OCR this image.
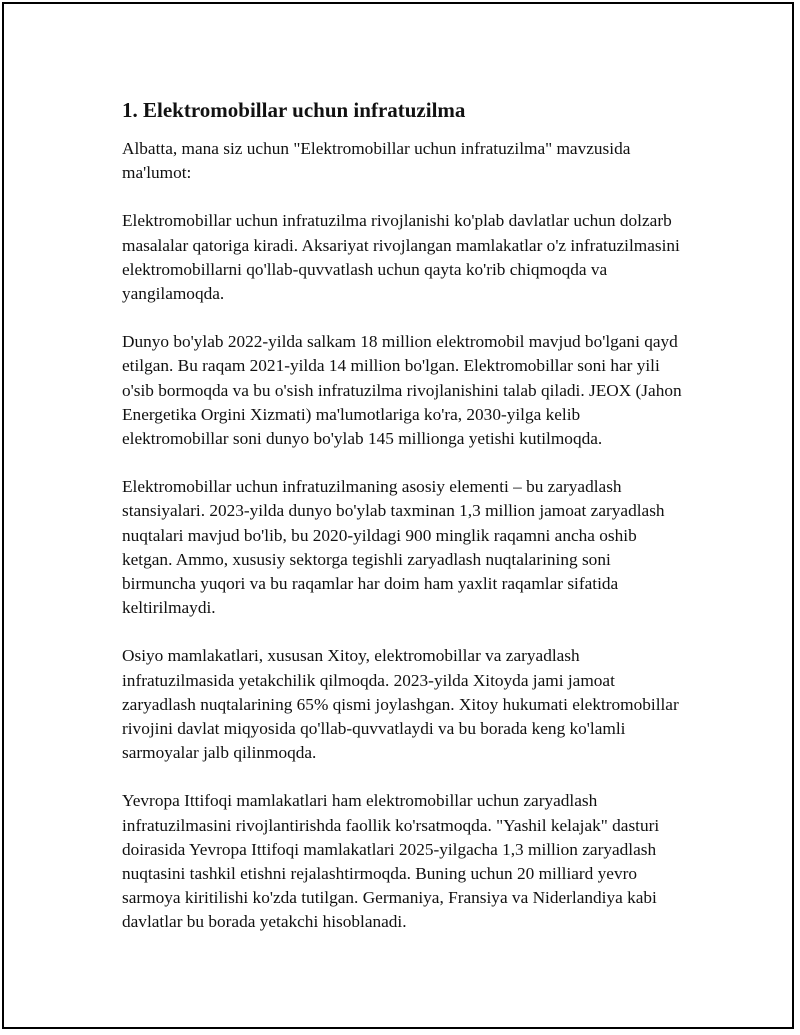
1. Elektromobillar uchun infratuzilma

Albatta, mana siz uchun "Elektromobillar uchun infratuzilma" mavzusida ma'lumot:

Elektromobillar uchun infratuzilma rivojlanishi ko'plab davlatlar uchun dolzarb masalalar qatoriga kiradi. Aksariyat rivojlangan mamlakatlar o'z infratuzilmasini elektromobillarni qo'llab-quvvatlash uchun qayta ko'rib chiqmoqda va yangilamoqda.

Dunyo bo'ylab 2022-yilda salkam 18 million elektromobil mavjud bo'lgani qayd etilgan. Bu raqam 2021-yilda 14 million bo'lgan. Elektromobillar soni har yili o'sib bormoqda va bu o'sish infratuzilma rivojlanishini talab qiladi. JEOX (Jahon Energetika Orgini Xizmati) ma'lumotlariga ko'ra, 2030-yilga kelib elektromobillar soni dunyo bo'ylab 145 millionga yetishi kutilmoqda.

Elektromobillar uchun infratuzilmaning asosiy elementi – bu zaryadlash stansiyalari. 2023-yilda dunyo bo'ylab taxminan 1,3 million jamoat zaryadlash nuqtalari mavjud bo'lib, bu 2020-yildagi 900 minglik raqamni ancha oshib ketgan. Ammo, xususiy sektorga tegishli zaryadlash nuqtalarining soni birmuncha yuqori va bu raqamlar har doim ham yaxlit raqamlar sifatida keltirilmaydi.

Osiyo mamlakatlari, xususan Xitoy, elektromobillar va zaryadlash infratuzilmasida yetakchilik qilmoqda. 2023-yilda Xitoyda jami jamoat zaryadlash nuqtalarining 65% qismi joylashgan. Xitoy hukumati elektromobillar rivojini davlat miqyosida qo'llab-quvvatlaydi va bu borada keng ko'lamli sarmoyalar jalb qilinmoqda.

Yevropa Ittifoqi mamlakatlari ham elektromobillar uchun zaryadlash infratuzilmasini rivojlantirishda faollik ko'rsatmoqda. "Yashil kelajak" dasturi doirasida Yevropa Ittifoqi mamlakatlari 2025-yilgacha 1,3 million zaryadlash nuqtasini tashkil etishni rejalashtirmoqda. Buning uchun 20 milliard yevro sarmoya kiritilishi ko'zda tutilgan. Germaniya, Fransiya va Niderlandiya kabi davlatlar bu borada yetakchi hisoblanadi.
